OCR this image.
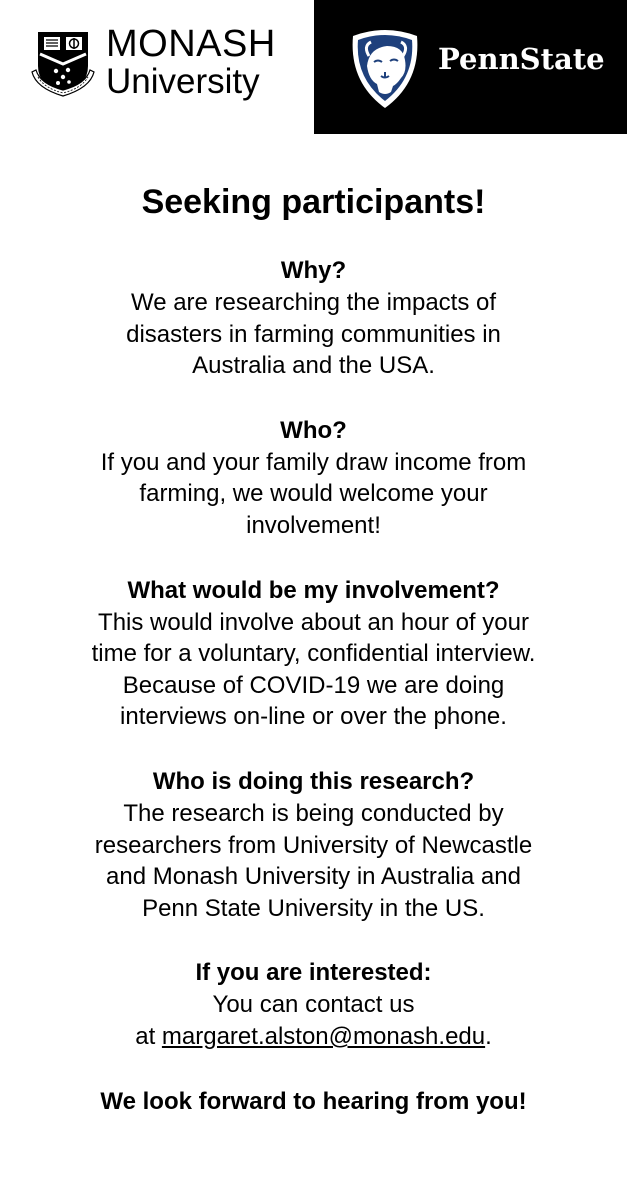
MONASH
University
PennState
Seeking participants!
Why?
We are researching the impacts of
disasters in farming communities in
Australia and the USA.
Who?
If you and your family draw income from
farming, we would welcome your
involvement!
What would be my involvement?
This would involve about an hour of your
time for a voluntary, confidential interview.
Because of COVID-19 we are doing
interviews on-line or over the phone.
Who is doing this research?
The research is being conducted by
researchers from University of Newcastle
and Monash University in Australia and
Penn State University in the US.
If you are interested:
You can contact us
at margaret.alston@monash.edu.
We look forward to hearing from you!
